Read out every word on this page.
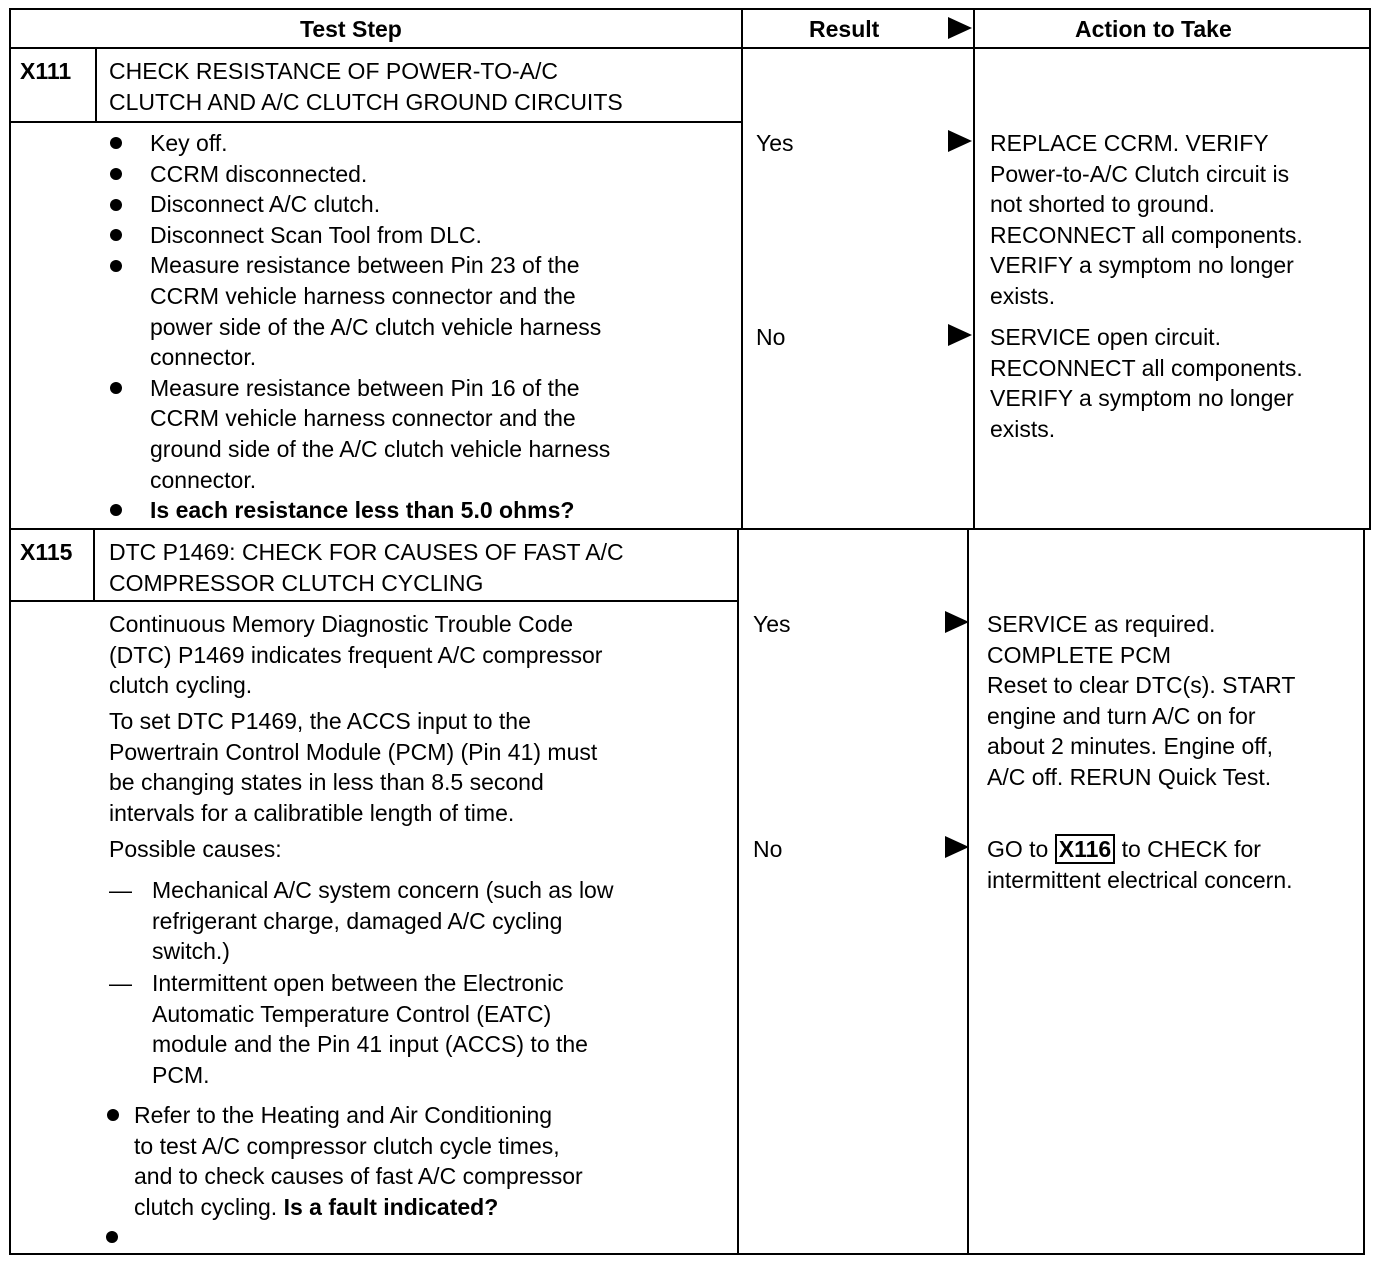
Test Step	Result	Action to Take
X111 CHECK RESISTANCE OF POWER-TO-A/C
CLUTCH AND A/C CLUTCH GROUND CIRCUITS
Key off.
CCRM disconnected.
Disconnect A/C clutch.
Disconnect Scan Tool from DLC.
Measure resistance between Pin 23 of the
CCRM vehicle harness connector and the
power side of the A/C clutch vehicle harness
connector.
Measure resistance between Pin 16 of the
CCRM vehicle harness connector and the
ground side of the A/C clutch vehicle harness
connector.
Is each resistance less than 5.0 ohms?
Yes
No
REPLACE CCRM. VERIFY
Power-to-A/C Clutch circuit is
not shorted to ground.
RECONNECT all components.
VERIFY a symptom no longer
exists.
SERVICE open circuit.
RECONNECT all components.
VERIFY a symptom no longer
exists.
X115 DTC P1469: CHECK FOR CAUSES OF FAST A/C
COMPRESSOR CLUTCH CYCLING
Continuous Memory Diagnostic Trouble Code
(DTC) P1469 indicates frequent A/C compressor
clutch cycling.
To set DTC P1469, the ACCS input to the
Powertrain Control Module (PCM) (Pin 41) must
be changing states in less than 8.5 second
intervals for a calibratible length of time.
Possible causes:
— Mechanical A/C system concern (such as low
refrigerant charge, damaged A/C cycling
switch.)
— Intermittent open between the Electronic
Automatic Temperature Control (EATC)
module and the Pin 41 input (ACCS) to the
PCM.
Refer to the Heating and Air Conditioning
to test A/C compressor clutch cycle times,
and to check causes of fast A/C compressor
clutch cycling. Is a fault indicated?
Yes
No
SERVICE as required.
COMPLETE PCM
Reset to clear DTC(s). START
engine and turn A/C on for
about 2 minutes. Engine off,
A/C off. RERUN Quick Test.
GO to X116 to CHECK for
intermittent electrical concern.
